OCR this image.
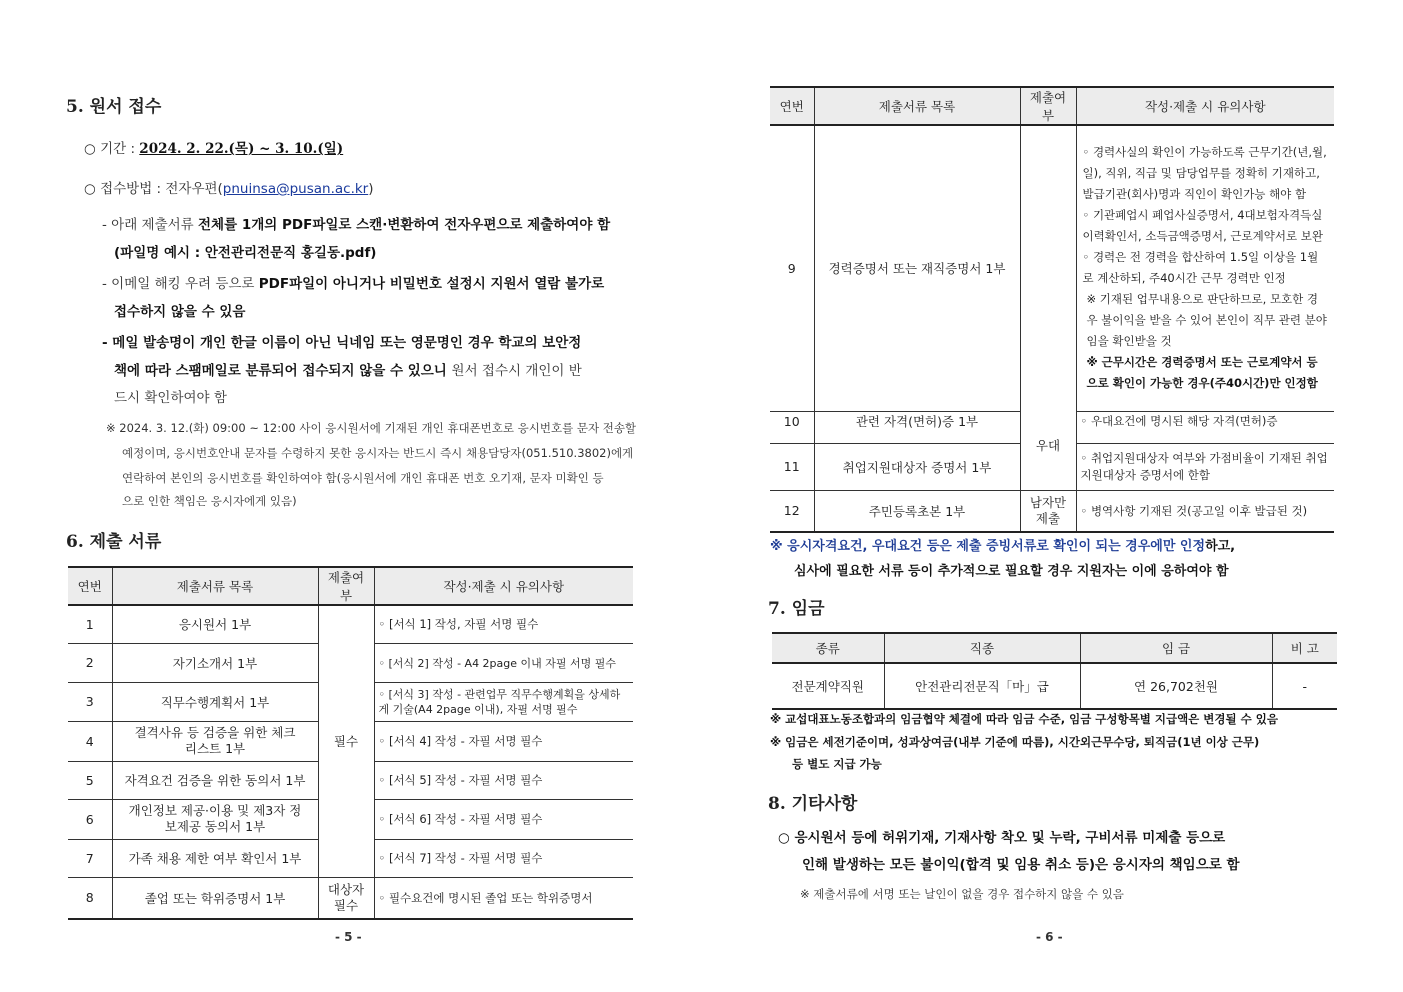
5. 원서 접수
○ 기간 : 2024. 2. 22.(목) ~ 3. 10.(일)
○ 접수방법 : 전자우편(pnuinsa@pusan.ac.kr)
- 아래 제출서류 전체를 1개의 PDF파일로 스캔·변환하여 전자우편으로 제출하여야 함
(파일명 예시 : 안전관리전문직 홍길동.pdf)
- 이메일 해킹 우려 등으로 PDF파일이 아니거나 비밀번호 설정시 지원서 열람 불가로
접수하지 않을 수 있음
- 메일 발송명이 개인 한글 이름이 아닌 닉네임 또는 영문명인 경우 학교의 보안정
책에 따라 스팸메일로 분류되어 접수되지 않을 수 있으니 원서 접수시 개인이 반
드시 확인하여야 함
※ 2024. 3. 12.(화) 09:00 ~ 12:00 사이 응시원서에 기재된 개인 휴대폰번호로 응시번호를 문자 전송할
예정이며, 응시번호안내 문자를 수령하지 못한 응시자는 반드시 즉시 채용담당자(051.510.3802)에게
연락하여 본인의 응시번호를 확인하여야 함(응시원서에 개인 휴대폰 번호 오기재, 문자 미확인 등
으로 인한 책임은 응시자에게 있음)
6. 제출 서류
연번	제출서류 목록	제출여부	작성·제출 시 유의사항
1	응시원서 1부	필수	◦ [서식 1] 작성, 자필 서명 필수
2	자기소개서 1부		◦ [서식 2] 작성 - A4 2page 이내 자필 서명 필수
3	직무수행계획서 1부		◦ [서식 3] 작성 - 관련업무 직무수행계획을 상세하게 기술(A4 2page 이내), 자필 서명 필수
4	결격사유 등 검증을 위한 체크리스트 1부		◦ [서식 4] 작성 - 자필 서명 필수
5	자격요건 검증을 위한 동의서 1부		◦ [서식 5] 작성 - 자필 서명 필수
6	개인정보 제공·이용 및 제3자 정보제공 동의서 1부		◦ [서식 6] 작성 - 자필 서명 필수
7	가족 채용 제한 여부 확인서 1부		◦ [서식 7] 작성 - 자필 서명 필수
8	졸업 또는 학위증명서 1부	대상자 필수	◦ 필수요건에 명시된 졸업 또는 학위증명서
- 5 -
연번	제출서류 목록	제출여부	작성·제출 시 유의사항
9	경력증명서 또는 재직증명서 1부		◦ 경력사실의 확인이 가능하도록 근무기간(년,월,일), 직위, 직급 및 담당업무를 정확히 기재하고, 발급기관(회사)명과 직인이 확인가능 해야 함
◦ 기관폐업시 폐업사실증명서, 4대보험자격득실이력확인서, 소득금액증명서, 근로계약서로 보완
◦ 경력은 전 경력을 합산하여 1.5일 이상을 1월로 계산하되, 주40시간 근무 경력만 인정
※ 기재된 업무내용으로 판단하므로, 모호한 경우 불이익을 받을 수 있어 본인이 직무 관련 분야임을 확인받을 것
※ 근무시간은 경력증명서 또는 근로계약서 등으로 확인이 가능한 경우(주40시간)만 인정함
10	관련 자격(면허)증 1부	우대	◦ 우대요건에 명시된 해당 자격(면허)증
11	취업지원대상자 증명서 1부		◦ 취업지원대상자 여부와 가점비율이 기재된 취업지원대상자 증명서에 한함
12	주민등록초본 1부	남자만 제출	◦ 병역사항 기재된 것(공고일 이후 발급된 것)
※ 응시자격요건, 우대요건 등은 제출 증빙서류로 확인이 되는 경우에만 인정하고,
심사에 필요한 서류 등이 추가적으로 필요할 경우 지원자는 이에 응하여야 함
7. 임금
종류	직종	임 금	비 고
전문계약직원	안전관리전문직「마」급	연 26,702천원	-
※ 교섭대표노동조합과의 임금협약 체결에 따라 임금 수준, 임금 구성항목별 지급액은 변경될 수 있음
※ 임금은 세전기준이며, 성과상여금(내부 기준에 따름), 시간외근무수당, 퇴직금(1년 이상 근무)
등 별도 지급 가능
8. 기타사항
○ 응시원서 등에 허위기재, 기재사항 착오 및 누락, 구비서류 미제출 등으로
인해 발생하는 모든 불이익(합격 및 임용 취소 등)은 응시자의 책임으로 함
※ 제출서류에 서명 또는 날인이 없을 경우 접수하지 않을 수 있음
- 6 -
